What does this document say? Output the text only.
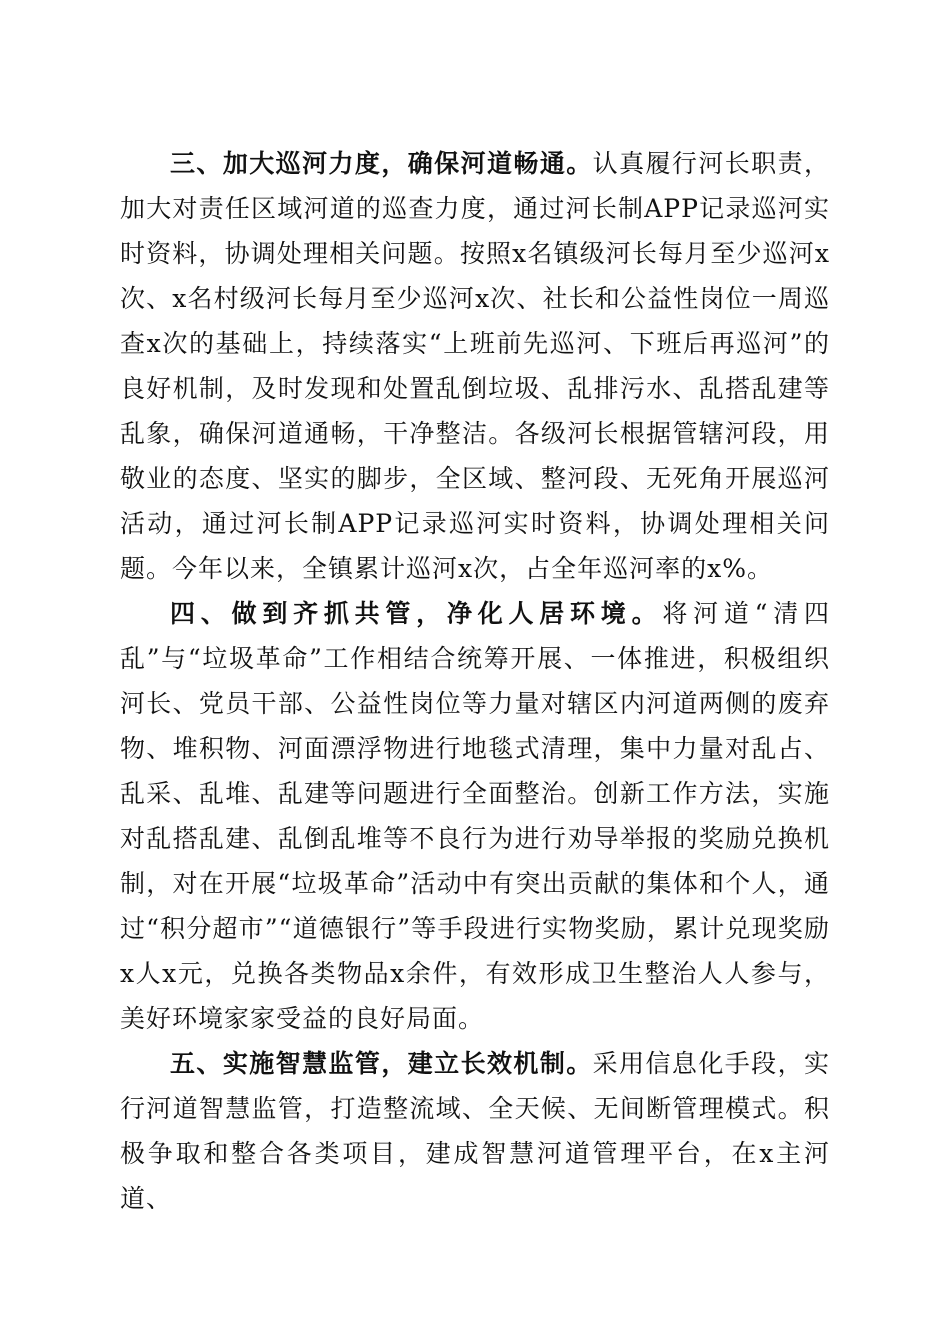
三、加大巡河力度，确保河道畅通。认真履行河长职责，加大对责任区域河道的巡查力度，通过河长制APP记录巡河实时资料，协调处理相关问题。按照x名镇级河长每月至少巡河x次、x名村级河长每月至少巡河x次、社长和公益性岗位一周巡查x次的基础上，持续落实“上班前先巡河、下班后再巡河”的良好机制，及时发现和处置乱倒垃圾、乱排污水、乱搭乱建等乱象，确保河道通畅，干净整洁。各级河长根据管辖河段，用敬业的态度、坚实的脚步，全区域、整河段、无死角开展巡河活动，通过河长制APP记录巡河实时资料，协调处理相关问题。今年以来，全镇累计巡河x次，占全年巡河率的x%。

四、做到齐抓共管，净化人居环境。将河道“清四乱”与“垃圾革命”工作相结合统筹开展、一体推进，积极组织河长、党员干部、公益性岗位等力量对辖区内河道两侧的废弃物、堆积物、河面漂浮物进行地毯式清理，集中力量对乱占、乱采、乱堆、乱建等问题进行全面整治。创新工作方法，实施对乱搭乱建、乱倒乱堆等不良行为进行劝导举报的奖励兑换机制，对在开展“垃圾革命”活动中有突出贡献的集体和个人，通过“积分超市”“道德银行”等手段进行实物奖励，累计兑现奖励x人x元，兑换各类物品x余件，有效形成卫生整治人人参与，美好环境家家受益的良好局面。

五、实施智慧监管，建立长效机制。采用信息化手段，实行河道智慧监管，打造整流域、全天候、无间断管理模式。积极争取和整合各类项目，建成智慧河道管理平台，在x主河道、
